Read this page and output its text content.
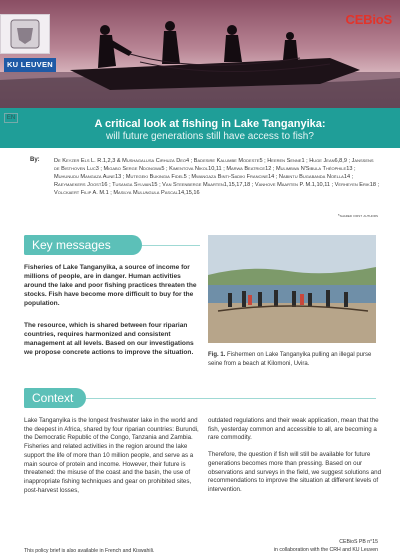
KU LEUVEN
CEBioS
A critical look at fishing in Lake Tanganyika:
will future generations still have access to fish?
EN
By:	De Keyzer Els L. R.1,2,3 & Mushagalusa Cirhuza Deo4 ; Badesire Kalumbe Modeste5 ; Heeren Senne1 ; Huge Jean6,8,9 ; Janssens de Bisthoven Luc3 ; Migabo Serge Ndongwa5 ; Kimentova Nikol10,11 ; Marwa Beatrice12 ; Mulimbwa N'Sibula Théophile13 ; Muhunudu Mangaza Aune13 ; Mutegeki Bukingia Fidel5 ; Mwangaza Binti-Sadiki Francine14 ; Nabintu Bugabanda Noëlla14 ; Raeymaekers Joost16 ; Tusanga Sylvain15 ; Van Steenberge Maarten1,15,17,18 ; Vanhove Maarten P. M.1,10,11 ; Verheyen Erik18 ; Volckaert Filip A. M.1 ; Masilya Mulungula Pascal14,15,16
*shared first authors
Key messages
Fisheries of Lake Tanganyika, a source of income for millions of people, are in danger. Human activities around the lake and poor fishing practices threaten the stocks. Fish have become more difficult to buy for the population.
The resource, which is shared between four riparian countries, requires harmonized and consistent management at all levels. Based on our investigations we propose concrete actions to improve the situation.	Fig. 1. Fishermen on Lake Tanganyika pulling an illegal purse seine from a beach at Kilomoni, Uvira.
Context

Lake Tanganyika is the longest freshwater lake in the world and the deepest in Africa, shared by four riparian countries: Burundi, the Democratic Republic of the Congo, Tanzania and Zambia. Fisheries and related activities in the region around the lake support the life of more than 10 million people, and serve as a main source of protein and income. However, their future is threatened: the misuse of the coast and the basin, the use of inappropriate fishing techniques and gear on prohibited sites, post-harvest losses,

outdated regulations and their weak application, mean that the fish, yesterday common and accessible to all, are becoming a rare commodity.

Therefore, the question if fish will still be available for future generations becomes more than pressing. Based on our observations and surveys in the field, we suggest solutions and recommendations to improve the situation at different levels of intervention.

This policy brief is also available in French and Kiswahili.
CEBioS PB n°15
in collaboration with the CRH and KU Leuven
